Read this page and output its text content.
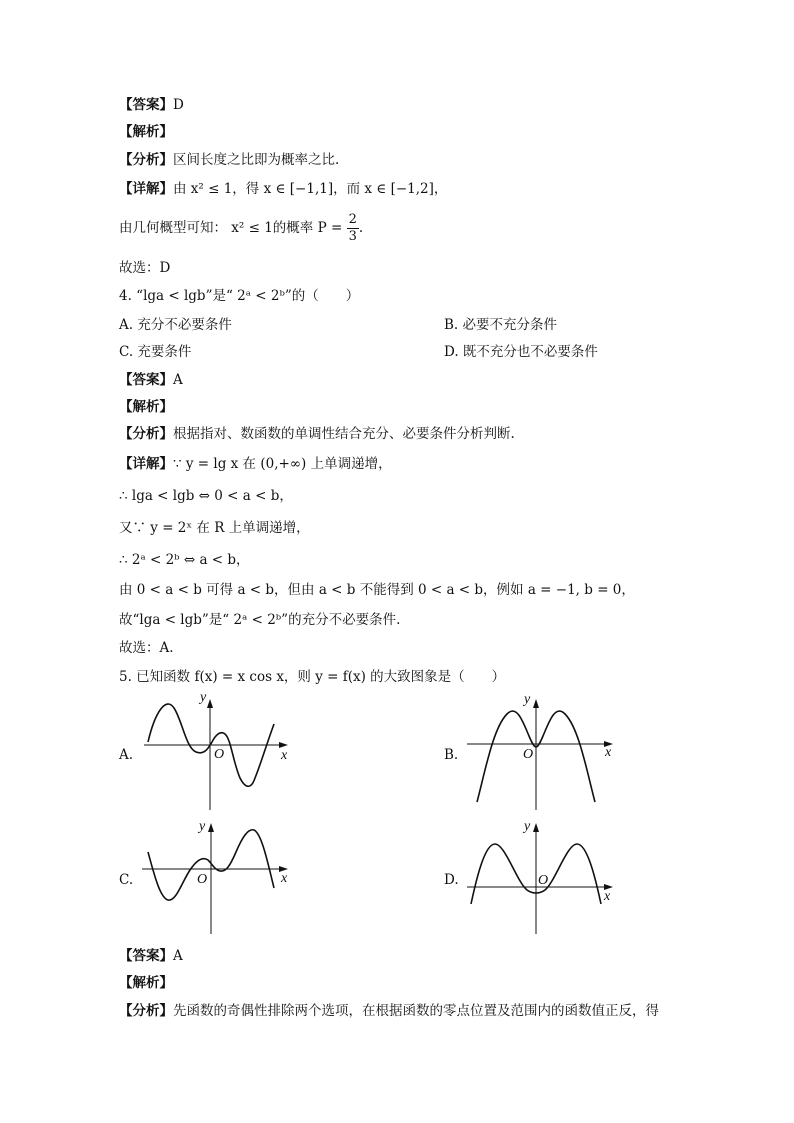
【答案】D
【解析】
【分析】区间长度之比即为概率之比.
【详解】由 x² ≤ 1，得 x ∈ [−1,1]，而 x ∈ [−1,2]，
由几何概型可知： x² ≤ 1的概率 $P = \frac{2}{3}$ .
故选：D
4. “lga < lgb”是“ 2ᵃ < 2ᵇ”的（　　）
A. 充分不必要条件	B. 必要不充分条件
C. 充要条件	D. 既不充分也不必要条件
【答案】A
【解析】
【分析】根据指对、数函数的单调性结合充分、必要条件分析判断.
【详解】∵ y = lg x 在 (0,+∞) 上单调递增，
∴ lga < lgb ⇔ 0 < a < b，
又∵ y = 2ˣ 在 R 上单调递增，
∴ 2ᵃ < 2ᵇ ⇔ a < b，
由 0 < a < b 可得 a < b，但由 a < b 不能得到 0 < a < b，例如 a = −1, b = 0，
故“lga < lgb”是“ 2ᵃ < 2ᵇ”的充分不必要条件.
故选：A.
5. 已知函数 f(x) = x cos x，则 y = f(x) 的大致图象是（　　）
A.
y
x
O	B.
y
x
O
C.
y
x
O	D.
y
x
O
【答案】A
【解析】
【分析】先函数的奇偶性排除两个选项，在根据函数的零点位置及范围内的函数值正反，得
